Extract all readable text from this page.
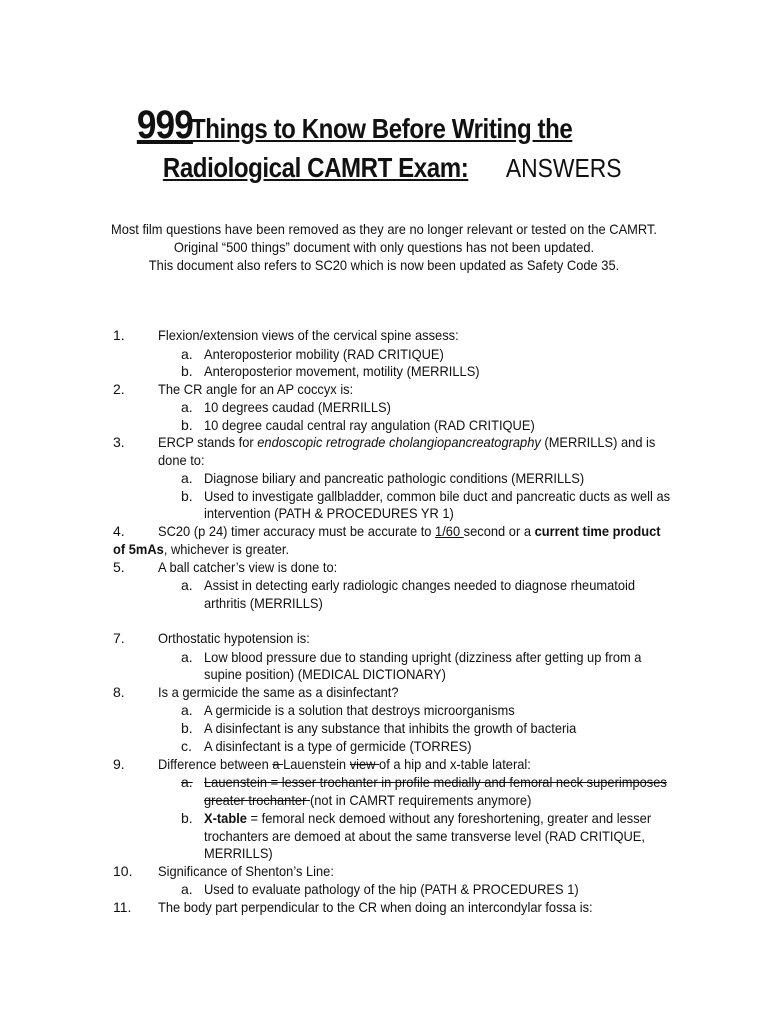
999 Things to Know Before Writing the
Radiological CAMRT Exam: ANSWERS
Most film questions have been removed as they are no longer relevant or tested on the CAMRT.
Original “500 things” document with only questions has not been updated.
This document also refers to SC20 which is now been updated as Safety Code 35.
1. Flexion/extension views of the cervical spine assess:
a. Anteroposterior mobility (RAD CRITIQUE)
b. Anteroposterior movement, motility (MERRILLS)
2. The CR angle for an AP coccyx is:
a. 10 degrees caudad (MERRILLS)
b. 10 degree caudal central ray angulation (RAD CRITIQUE)
3. ERCP stands for endoscopic retrograde cholangiopancreatography (MERRILLS) and is
done to:
a. Diagnose biliary and pancreatic pathologic conditions (MERRILLS)
b. Used to investigate gallbladder, common bile duct and pancreatic ducts as well as
intervention (PATH & PROCEDURES YR 1)
4. SC20 (p 24) timer accuracy must be accurate to 1/60 second or a current time product
of 5mAs, whichever is greater.
5. A ball catcher’s view is done to:
a. Assist in detecting early radiologic changes needed to diagnose rheumatoid
arthritis (MERRILLS)
7. Orthostatic hypotension is:
a. Low blood pressure due to standing upright (dizziness after getting up from a
supine position) (MEDICAL DICTIONARY)
8. Is a germicide the same as a disinfectant?
a. A germicide is a solution that destroys microorganisms
b. A disinfectant is any substance that inhibits the growth of bacteria
c. A disinfectant is a type of germicide (TORRES)
9. Difference between a Lauenstein view of a hip and x-table lateral:
a. Lauenstein = lesser trochanter in profile medially and femoral neck superimposes
greater trochanter (not in CAMRT requirements anymore)
b. X-table = femoral neck demoed without any foreshortening, greater and lesser
trochanters are demoed at about the same transverse level (RAD CRITIQUE,
MERRILLS)
10. Significance of Shenton’s Line:
a. Used to evaluate pathology of the hip (PATH & PROCEDURES 1)
11. The body part perpendicular to the CR when doing an intercondylar fossa is:
